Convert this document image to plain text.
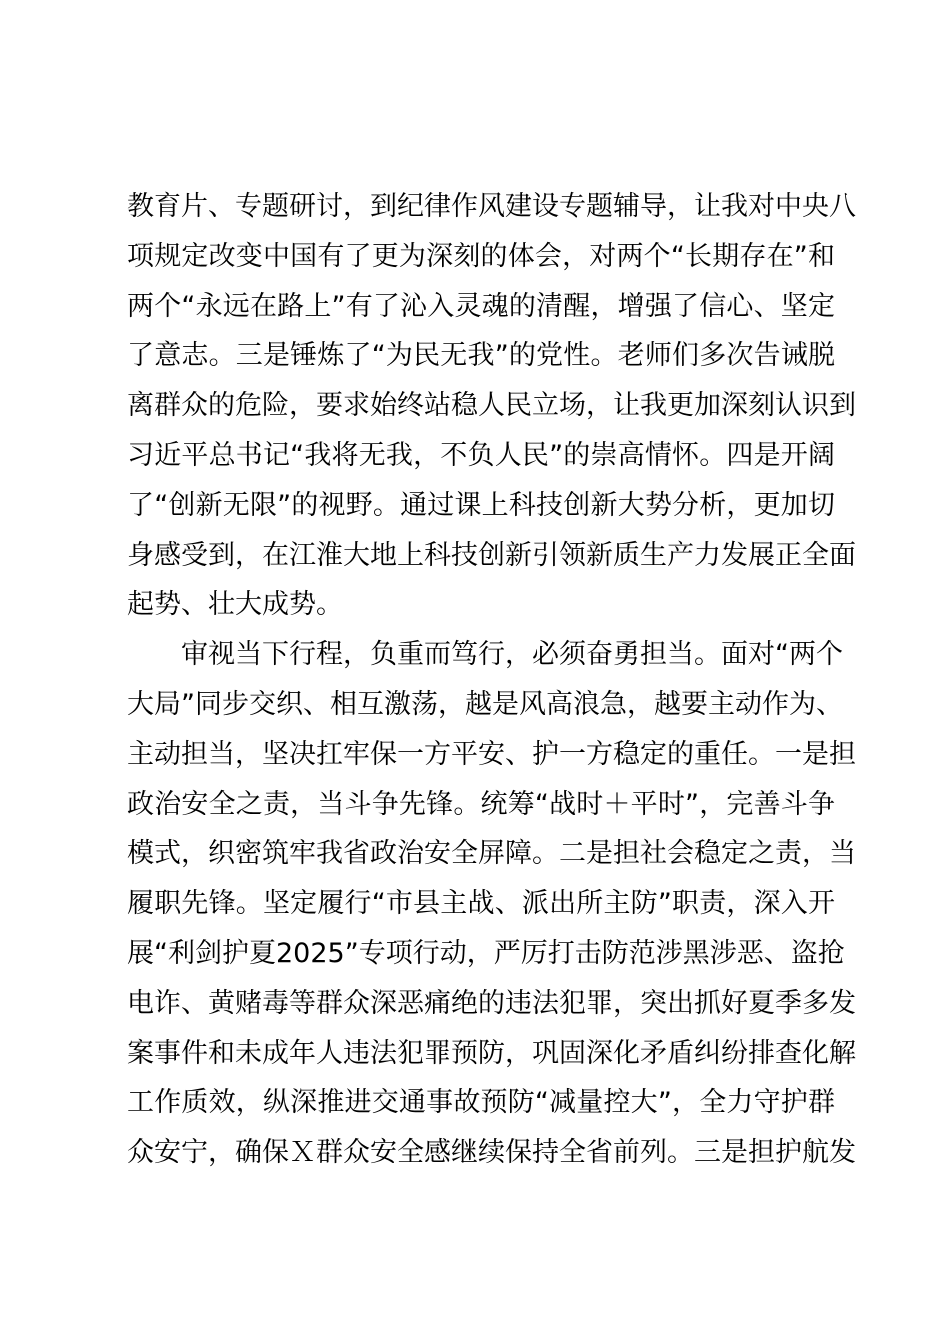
教育片、专题研讨，到纪律作风建设专题辅导，让我对中央八
项规定改变中国有了更为深刻的体会，对两个“长期存在”和
两个“永远在路上”有了沁入灵魂的清醒，增强了信心、坚定
了意志。三是锤炼了“为民无我”的党性。老师们多次告诫脱
离群众的危险，要求始终站稳人民立场，让我更加深刻认识到
习近平总书记“我将无我，不负人民”的崇高情怀。四是开阔
了“创新无限”的视野。通过课上科技创新大势分析，更加切
身感受到，在江淮大地上科技创新引领新质生产力发展正全面
起势、壮大成势。
审视当下行程，负重而笃行，必须奋勇担当。面对“两个
大局”同步交织、相互激荡，越是风高浪急，越要主动作为、
主动担当，坚决扛牢保一方平安、护一方稳定的重任。一是担
政治安全之责，当斗争先锋。统筹“战时＋平时”，完善斗争
模式，织密筑牢我省政治安全屏障。二是担社会稳定之责，当
履职先锋。坚定履行“市县主战、派出所主防”职责，深入开
展“利剑护夏2025”专项行动，严厉打击防范涉黑涉恶、盗抢
电诈、黄赌毒等群众深恶痛绝的违法犯罪，突出抓好夏季多发
案事件和未成年人违法犯罪预防，巩固深化矛盾纠纷排查化解
工作质效，纵深推进交通事故预防“减量控大”，全力守护群
众安宁，确保Ｘ群众安全感继续保持全省前列。三是担护航发
